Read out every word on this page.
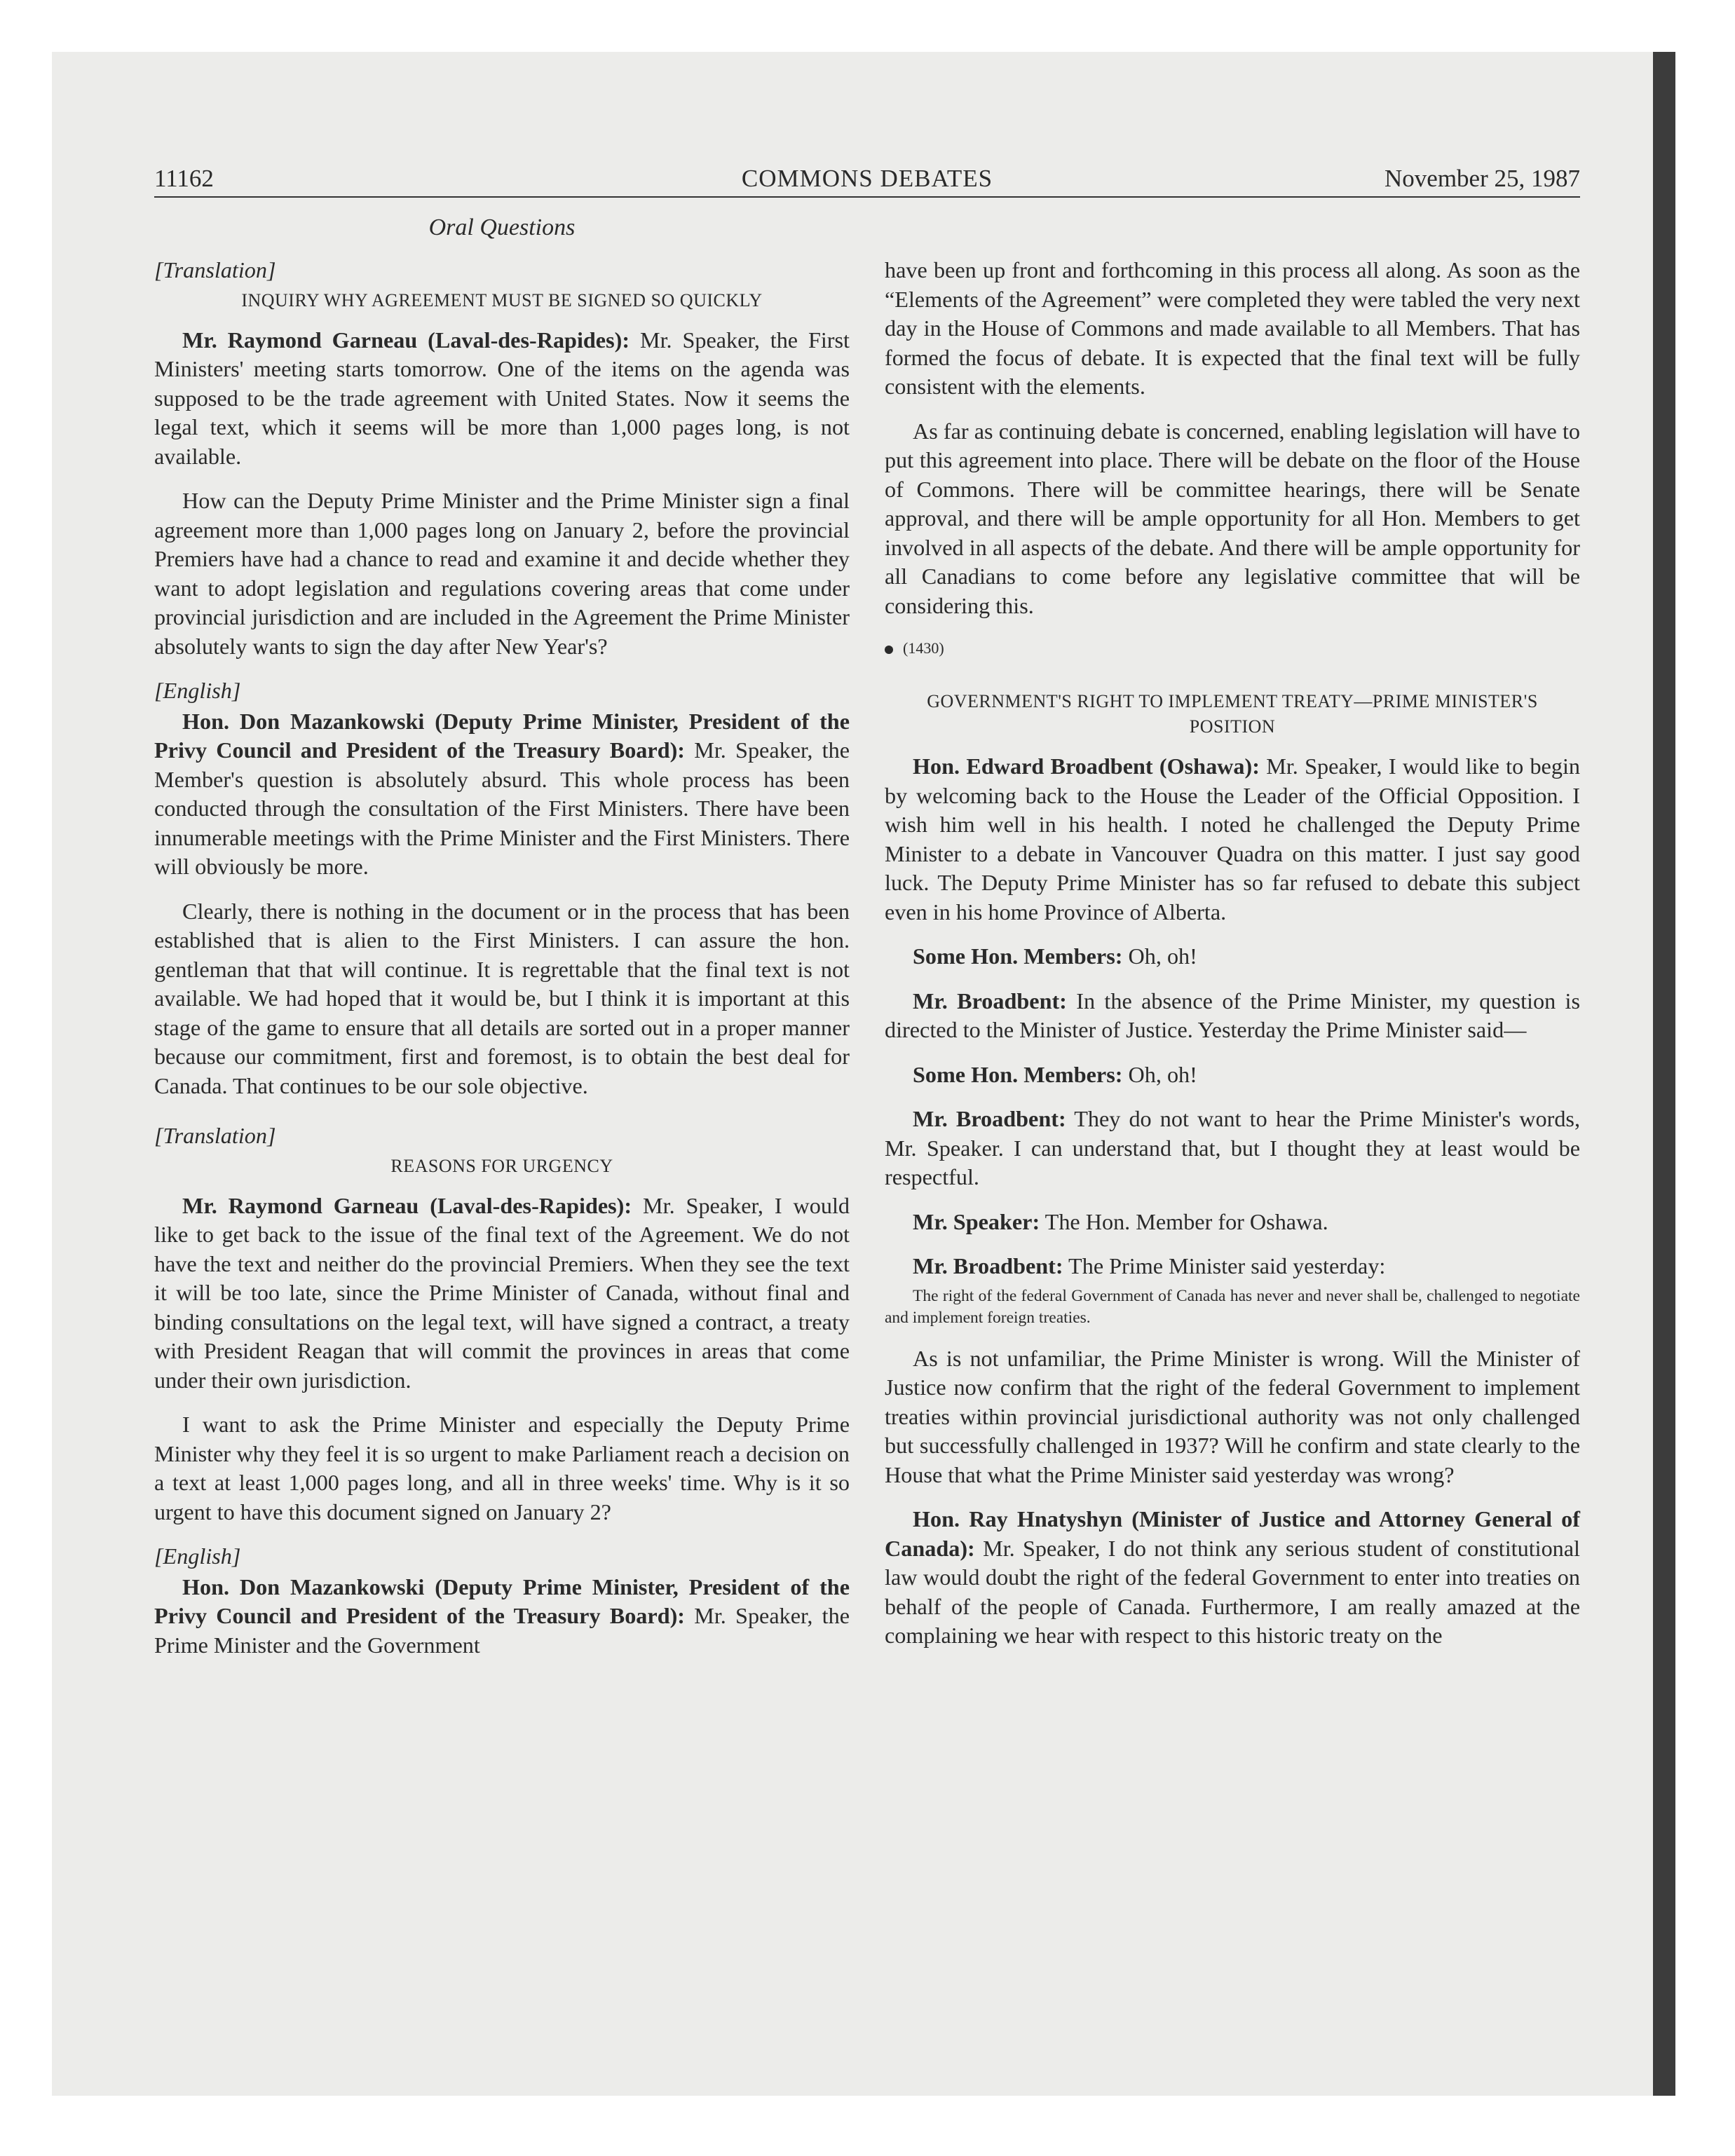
11162	COMMONS DEBATES	November 25, 1987
Oral Questions
[Translation]
INQUIRY WHY AGREEMENT MUST BE SIGNED SO QUICKLY

Mr. Raymond Garneau (Laval-des-Rapides): Mr. Speaker, the First Ministers' meeting starts tomorrow. One of the items on the agenda was supposed to be the trade agreement with United States. Now it seems the legal text, which it seems will be more than 1,000 pages long, is not available.

How can the Deputy Prime Minister and the Prime Minister sign a final agreement more than 1,000 pages long on January 2, before the provincial Premiers have had a chance to read and examine it and decide whether they want to adopt legislation and regulations covering areas that come under provincial jurisdiction and are included in the Agreement the Prime Minister absolutely wants to sign the day after New Year's?

[English]

Hon. Don Mazankowski (Deputy Prime Minister, President of the Privy Council and President of the Treasury Board): Mr. Speaker, the Member's question is absolutely absurd. This whole process has been conducted through the consultation of the First Ministers. There have been innumerable meetings with the Prime Minister and the First Ministers. There will obviously be more.

Clearly, there is nothing in the document or in the process that has been established that is alien to the First Ministers. I can assure the hon. gentleman that that will continue. It is regrettable that the final text is not available. We had hoped that it would be, but I think it is important at this stage of the game to ensure that all details are sorted out in a proper manner because our commitment, first and foremost, is to obtain the best deal for Canada. That continues to be our sole objective.

[Translation]
REASONS FOR URGENCY

Mr. Raymond Garneau (Laval-des-Rapides): Mr. Speaker, I would like to get back to the issue of the final text of the Agreement. We do not have the text and neither do the provincial Premiers. When they see the text it will be too late, since the Prime Minister of Canada, without final and binding consultations on the legal text, will have signed a contract, a treaty with President Reagan that will commit the provinces in areas that come under their own jurisdiction.

I want to ask the Prime Minister and especially the Deputy Prime Minister why they feel it is so urgent to make Parliament reach a decision on a text at least 1,000 pages long, and all in three weeks' time. Why is it so urgent to have this document signed on January 2?

[English]

Hon. Don Mazankowski (Deputy Prime Minister, President of the Privy Council and President of the Treasury Board): Mr. Speaker, the Prime Minister and the Government

have been up front and forthcoming in this process all along. As soon as the “Elements of the Agreement” were completed they were tabled the very next day in the House of Commons and made available to all Members. That has formed the focus of debate. It is expected that the final text will be fully consistent with the elements.

As far as continuing debate is concerned, enabling legislation will have to put this agreement into place. There will be debate on the floor of the House of Commons. There will be committee hearings, there will be Senate approval, and there will be ample opportunity for all Hon. Members to get involved in all aspects of the debate. And there will be ample opportunity for all Canadians to come before any legislative committee that will be considering this.

(1430)
GOVERNMENT'S RIGHT TO IMPLEMENT TREATY—PRIME MINISTER'S POSITION

Hon. Edward Broadbent (Oshawa): Mr. Speaker, I would like to begin by welcoming back to the House the Leader of the Official Opposition. I wish him well in his health. I noted he challenged the Deputy Prime Minister to a debate in Vancouver Quadra on this matter. I just say good luck. The Deputy Prime Minister has so far refused to debate this subject even in his home Province of Alberta.

Some Hon. Members: Oh, oh!

Mr. Broadbent: In the absence of the Prime Minister, my question is directed to the Minister of Justice. Yesterday the Prime Minister said—

Some Hon. Members: Oh, oh!

Mr. Broadbent: They do not want to hear the Prime Minister's words, Mr. Speaker. I can understand that, but I thought they at least would be respectful.

Mr. Speaker: The Hon. Member for Oshawa.

Mr. Broadbent: The Prime Minister said yesterday:

The right of the federal Government of Canada has never and never shall be, challenged to negotiate and implement foreign treaties.

As is not unfamiliar, the Prime Minister is wrong. Will the Minister of Justice now confirm that the right of the federal Government to implement treaties within provincial jurisdictional authority was not only challenged but successfully challenged in 1937? Will he confirm and state clearly to the House that what the Prime Minister said yesterday was wrong?

Hon. Ray Hnatyshyn (Minister of Justice and Attorney General of Canada): Mr. Speaker, I do not think any serious student of constitutional law would doubt the right of the federal Government to enter into treaties on behalf of the people of Canada. Furthermore, I am really amazed at the complaining we hear with respect to this historic treaty on the
